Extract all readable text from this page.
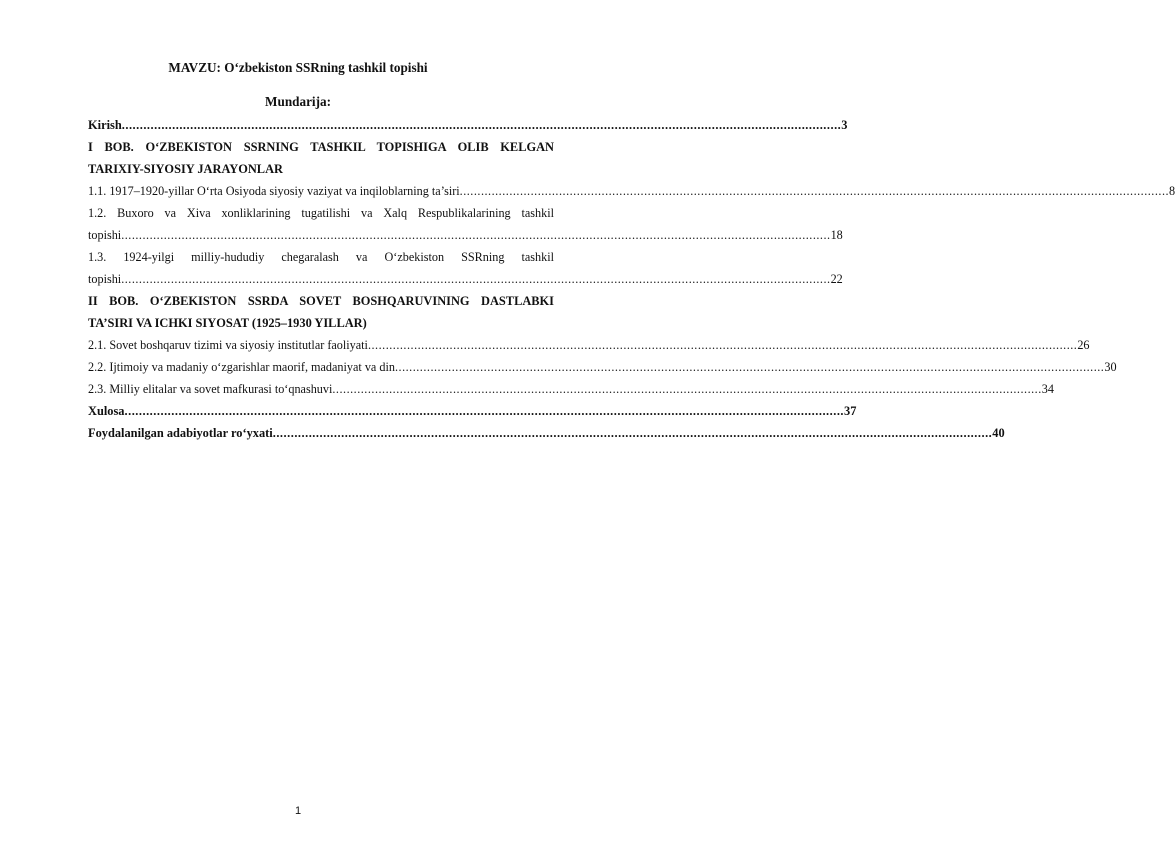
MAVZU: O‘zbekiston SSRning tashkil topishi
Mundarija:
Kirish ........................................................................................................................................................................................................ 3
I BOB. O‘ZBEKISTON SSRNING TASHKIL TOPISHIGA OLIB KELGAN
TARIXIY-SIYOSIY JARAYONLAR
1.1. 1917–1920-yillar O‘rta Osiyoda siyosiy vaziyat va inqiloblarning ta’siri ........................................................................................................................................................................................................ 8
1.2. Buxoro va Xiva xonliklarining tugatilishi va Xalq Respublikalarining tashkil
topishi ........................................................................................................................................................................................................ 18
1.3. 1924-yilgi milliy-hududiy chegaralash va O‘zbekiston SSRning tashkil
topishi ........................................................................................................................................................................................................ 22
II BOB. O‘ZBEKISTON SSRDA SOVET BOSHQARUVINING DASTLABKI
TA’SIRI VA ICHKI SIYOSAT (1925–1930 YILLAR)
2.1. Sovet boshqaruv tizimi va siyosiy institutlar faoliyati ........................................................................................................................................................................................................ 26
2.2. Ijtimoiy va madaniy o‘zgarishlar maorif, madaniyat va din ........................................................................................................................................................................................................ 30
2.3. Milliy elitalar va sovet mafkurasi to‘qnashuvi ........................................................................................................................................................................................................ 34
Xulosa ........................................................................................................................................................................................................ 37
Foydalanilgan adabiyotlar ro‘yxati ........................................................................................................................................................................................................ 40
1
